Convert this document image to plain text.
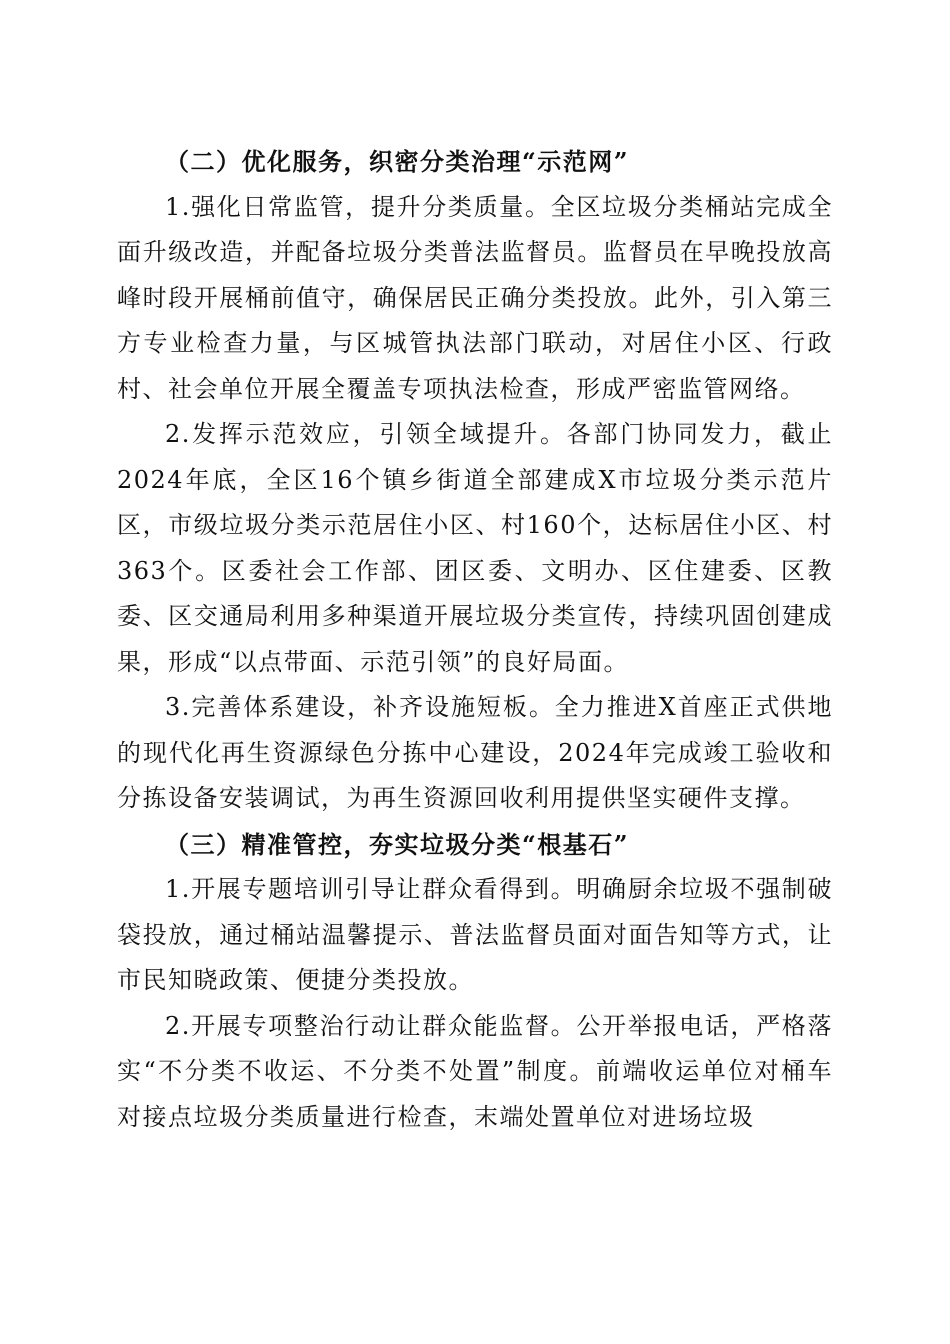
（二）优化服务，织密分类治理“示范网”

1.强化日常监管，提升分类质量。全区垃圾分类桶站完成全面升级改造，并配备垃圾分类普法监督员。监督员在早晚投放高峰时段开展桶前值守，确保居民正确分类投放。此外，引入第三方专业检查力量，与区城管执法部门联动，对居住小区、行政村、社会单位开展全覆盖专项执法检查，形成严密监管网络。

2.发挥示范效应，引领全域提升。各部门协同发力，截止2024年底，全区16个镇乡街道全部建成X市垃圾分类示范片区，市级垃圾分类示范居住小区、村160个，达标居住小区、村363个。区委社会工作部、团区委、文明办、区住建委、区教委、区交通局利用多种渠道开展垃圾分类宣传，持续巩固创建成果，形成“以点带面、示范引领”的良好局面。

3.完善体系建设，补齐设施短板。全力推进X首座正式供地的现代化再生资源绿色分拣中心建设，2024年完成竣工验收和分拣设备安装调试，为再生资源回收利用提供坚实硬件支撑。

（三）精准管控，夯实垃圾分类“根基石”

1.开展专题培训引导让群众看得到。明确厨余垃圾不强制破袋投放，通过桶站温馨提示、普法监督员面对面告知等方式，让市民知晓政策、便捷分类投放。

2.开展专项整治行动让群众能监督。公开举报电话，严格落实“不分类不收运、不分类不处置”制度。前端收运单位对桶车对接点垃圾分类质量进行检查，末端处置单位对进场垃圾
